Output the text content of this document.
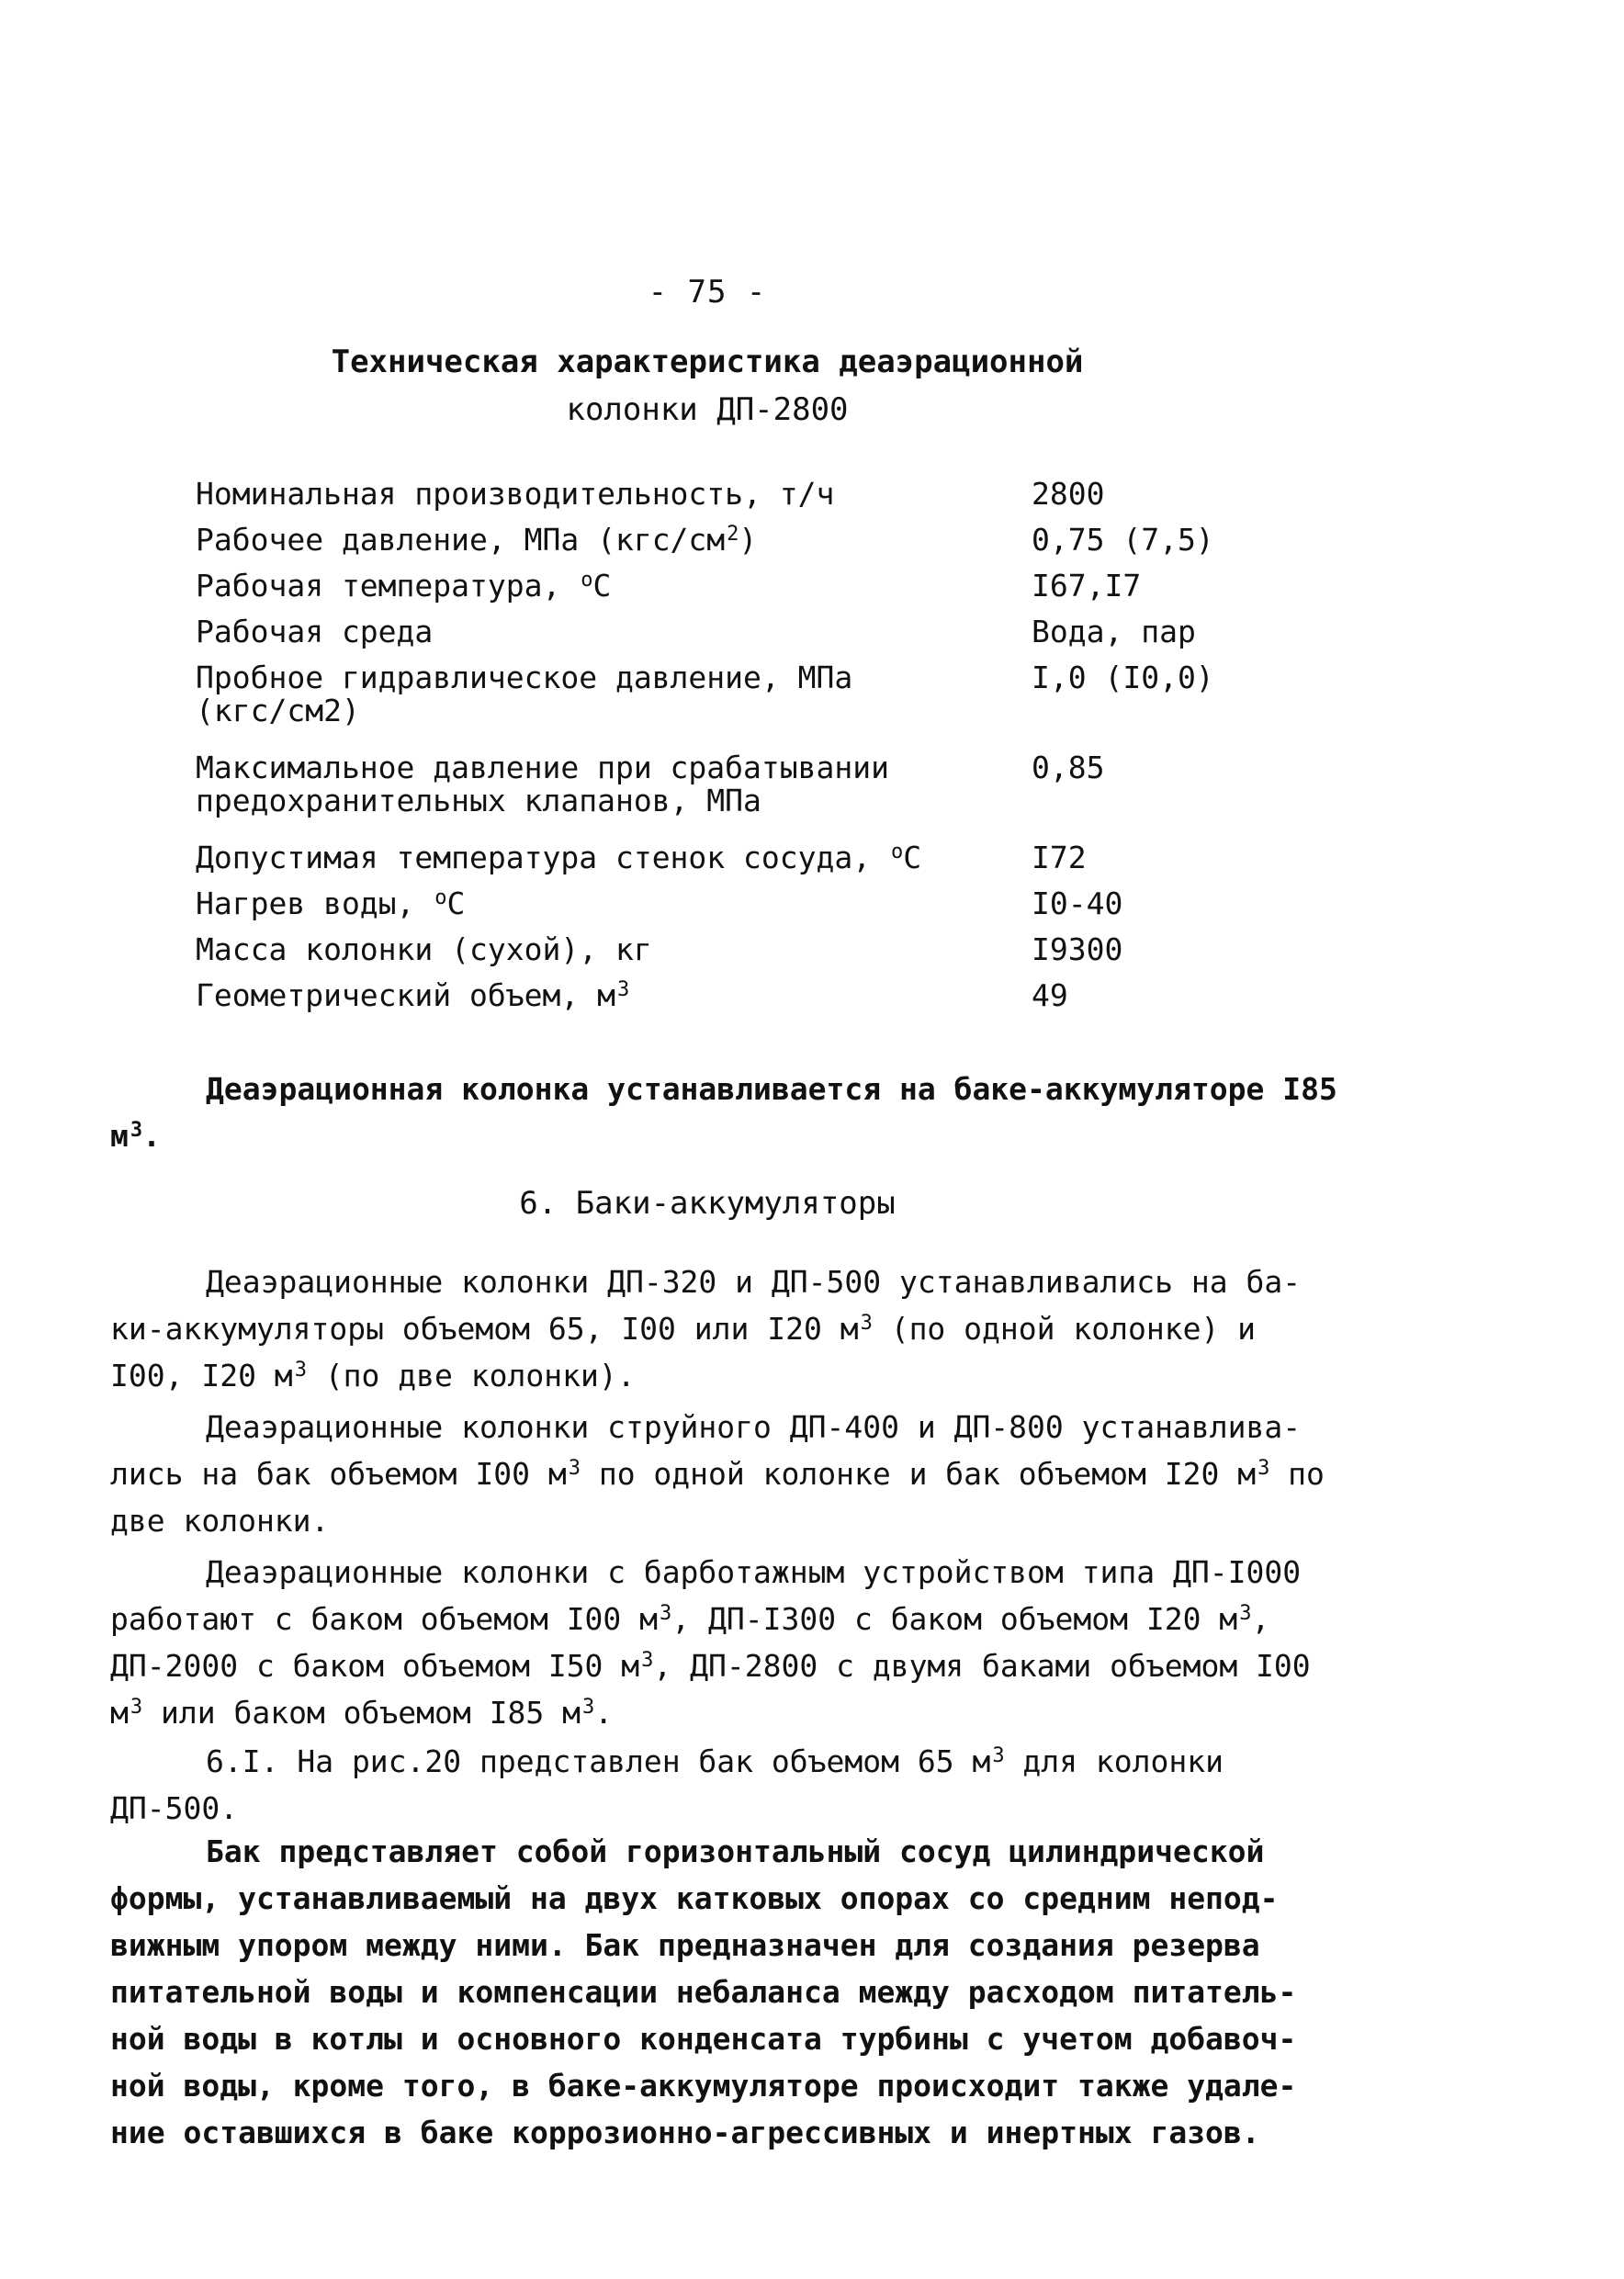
- 75 -
Техническая характеристика деаэрационной
колонки ДП-2800
Номинальная производительность, т/ч	2800
Рабочее давление, МПа $(кгс/см^2)$	0,75 (7,5)
Рабочая температура, $^о$С	I67,I7
Рабочая среда	Вода, пар

Пробное гидравлическое давление, МПа
(кгс/см2)	I,0 (I0,0)

Максимальное давление при срабатывании
предохранительных клапанов, МПа	0,85
Допустимая температура стенок сосуда, $^о$С	I72
Нагрев воды, $^о$С	I0-40
Масса колонки (сухой), кг	I9300
Геометрический объем, $м^3$	49
Деаэрационная колонка устанавливается на баке-аккумуляторе I85 $м^3$.
6. Баки-аккумуляторы
Деаэрационные колонки ДП-320 и ДП-500 устанавливались на ба-ки-аккумуляторы объемом 65, I00 или I20 $м^3$ (по одной колонке) и I00, I20 $м^3$ (по две колонки).
Деаэрационные колонки струйного ДП-400 и ДП-800 устанавлива-лись на бак объемом I00 $м^3$ по одной колонке и бак объемом I20 $м^3$ по две колонки.
Деаэрационные колонки с барботажным устройством типа ДП-I000 работают с баком объемом I00 $м^3$, ДП-I300 с баком объемом I20 $м^3$, ДП-2000 с баком объемом I50 $м^3$, ДП-2800 с двумя баками объемом I00 $м^3$ или баком объемом I85 $м^3$.
6.I. На рис.20 представлен бак объемом 65 $м^3$ для колонки ДП-500.
Бак представляет собой горизонтальный сосуд цилиндрической формы, устанавливаемый на двух катковых опорах со средним непод-вижным упором между ними. Бак предназначен для создания резерва питательной воды и компенсации небаланса между расходом питатель-ной воды в котлы и основного конденсата турбины с учетом добавоч-ной воды, кроме того, в баке-аккумуляторе происходит также удале-ние оставшихся в баке коррозионно-агрессивных и инертных газов.
